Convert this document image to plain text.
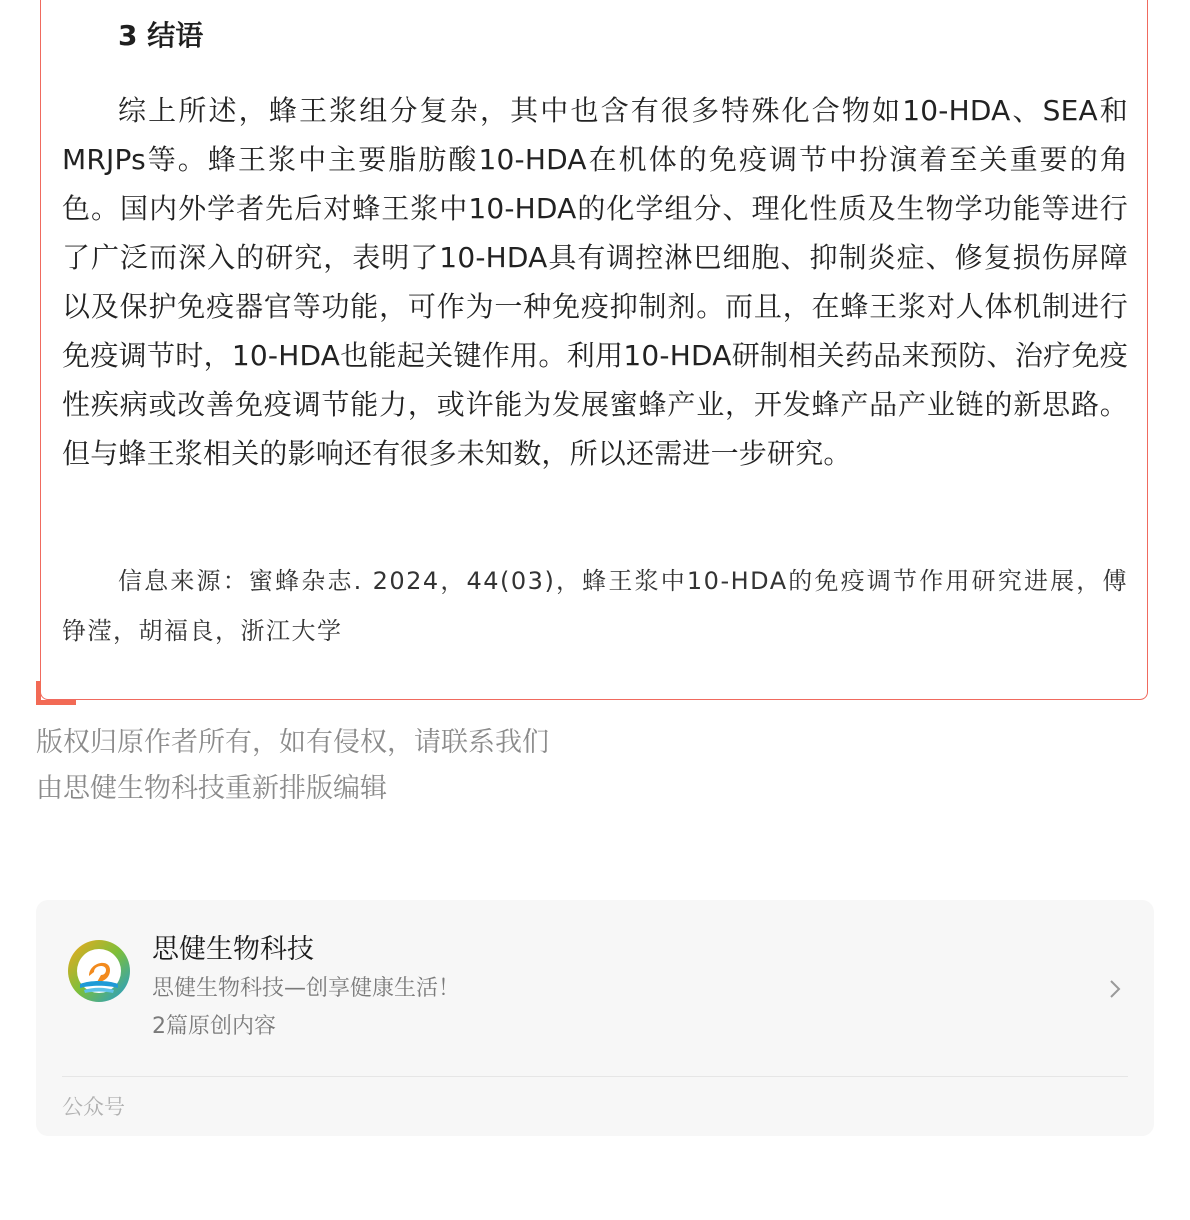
3 结语

综上所述，蜂王浆组分复杂，其中也含有很多特殊化合物如10-HDA、SEA和MRJPs等。蜂王浆中主要脂肪酸10-HDA在机体的免疫调节中扮演着至关重要的角色。国内外学者先后对蜂王浆中10-HDA的化学组分、理化性质及生物学功能等进行了广泛而深入的研究，表明了10-HDA具有调控淋巴细胞、抑制炎症、修复损伤屏障以及保护免疫器官等功能，可作为一种免疫抑制剂。而且，在蜂王浆对人体机制进行免疫调节时，10-HDA也能起关键作用。利用10-HDA研制相关药品来预防、治疗免疫性疾病或改善免疫调节能力，或许能为发展蜜蜂产业，开发蜂产品产业链的新思路。但与蜂王浆相关的影响还有很多未知数，所以还需进一步研究。

信息来源：蜜蜂杂志. 2024，44(03)，蜂王浆中10-HDA的免疫调节作用研究进展，傅铮滢，胡福良，浙江大学

版权归原作者所有，如有侵权，请联系我们
由思健生物科技重新排版编辑
思健生物科技
思健生物科技—创享健康生活！
2篇原创内容
公众号
